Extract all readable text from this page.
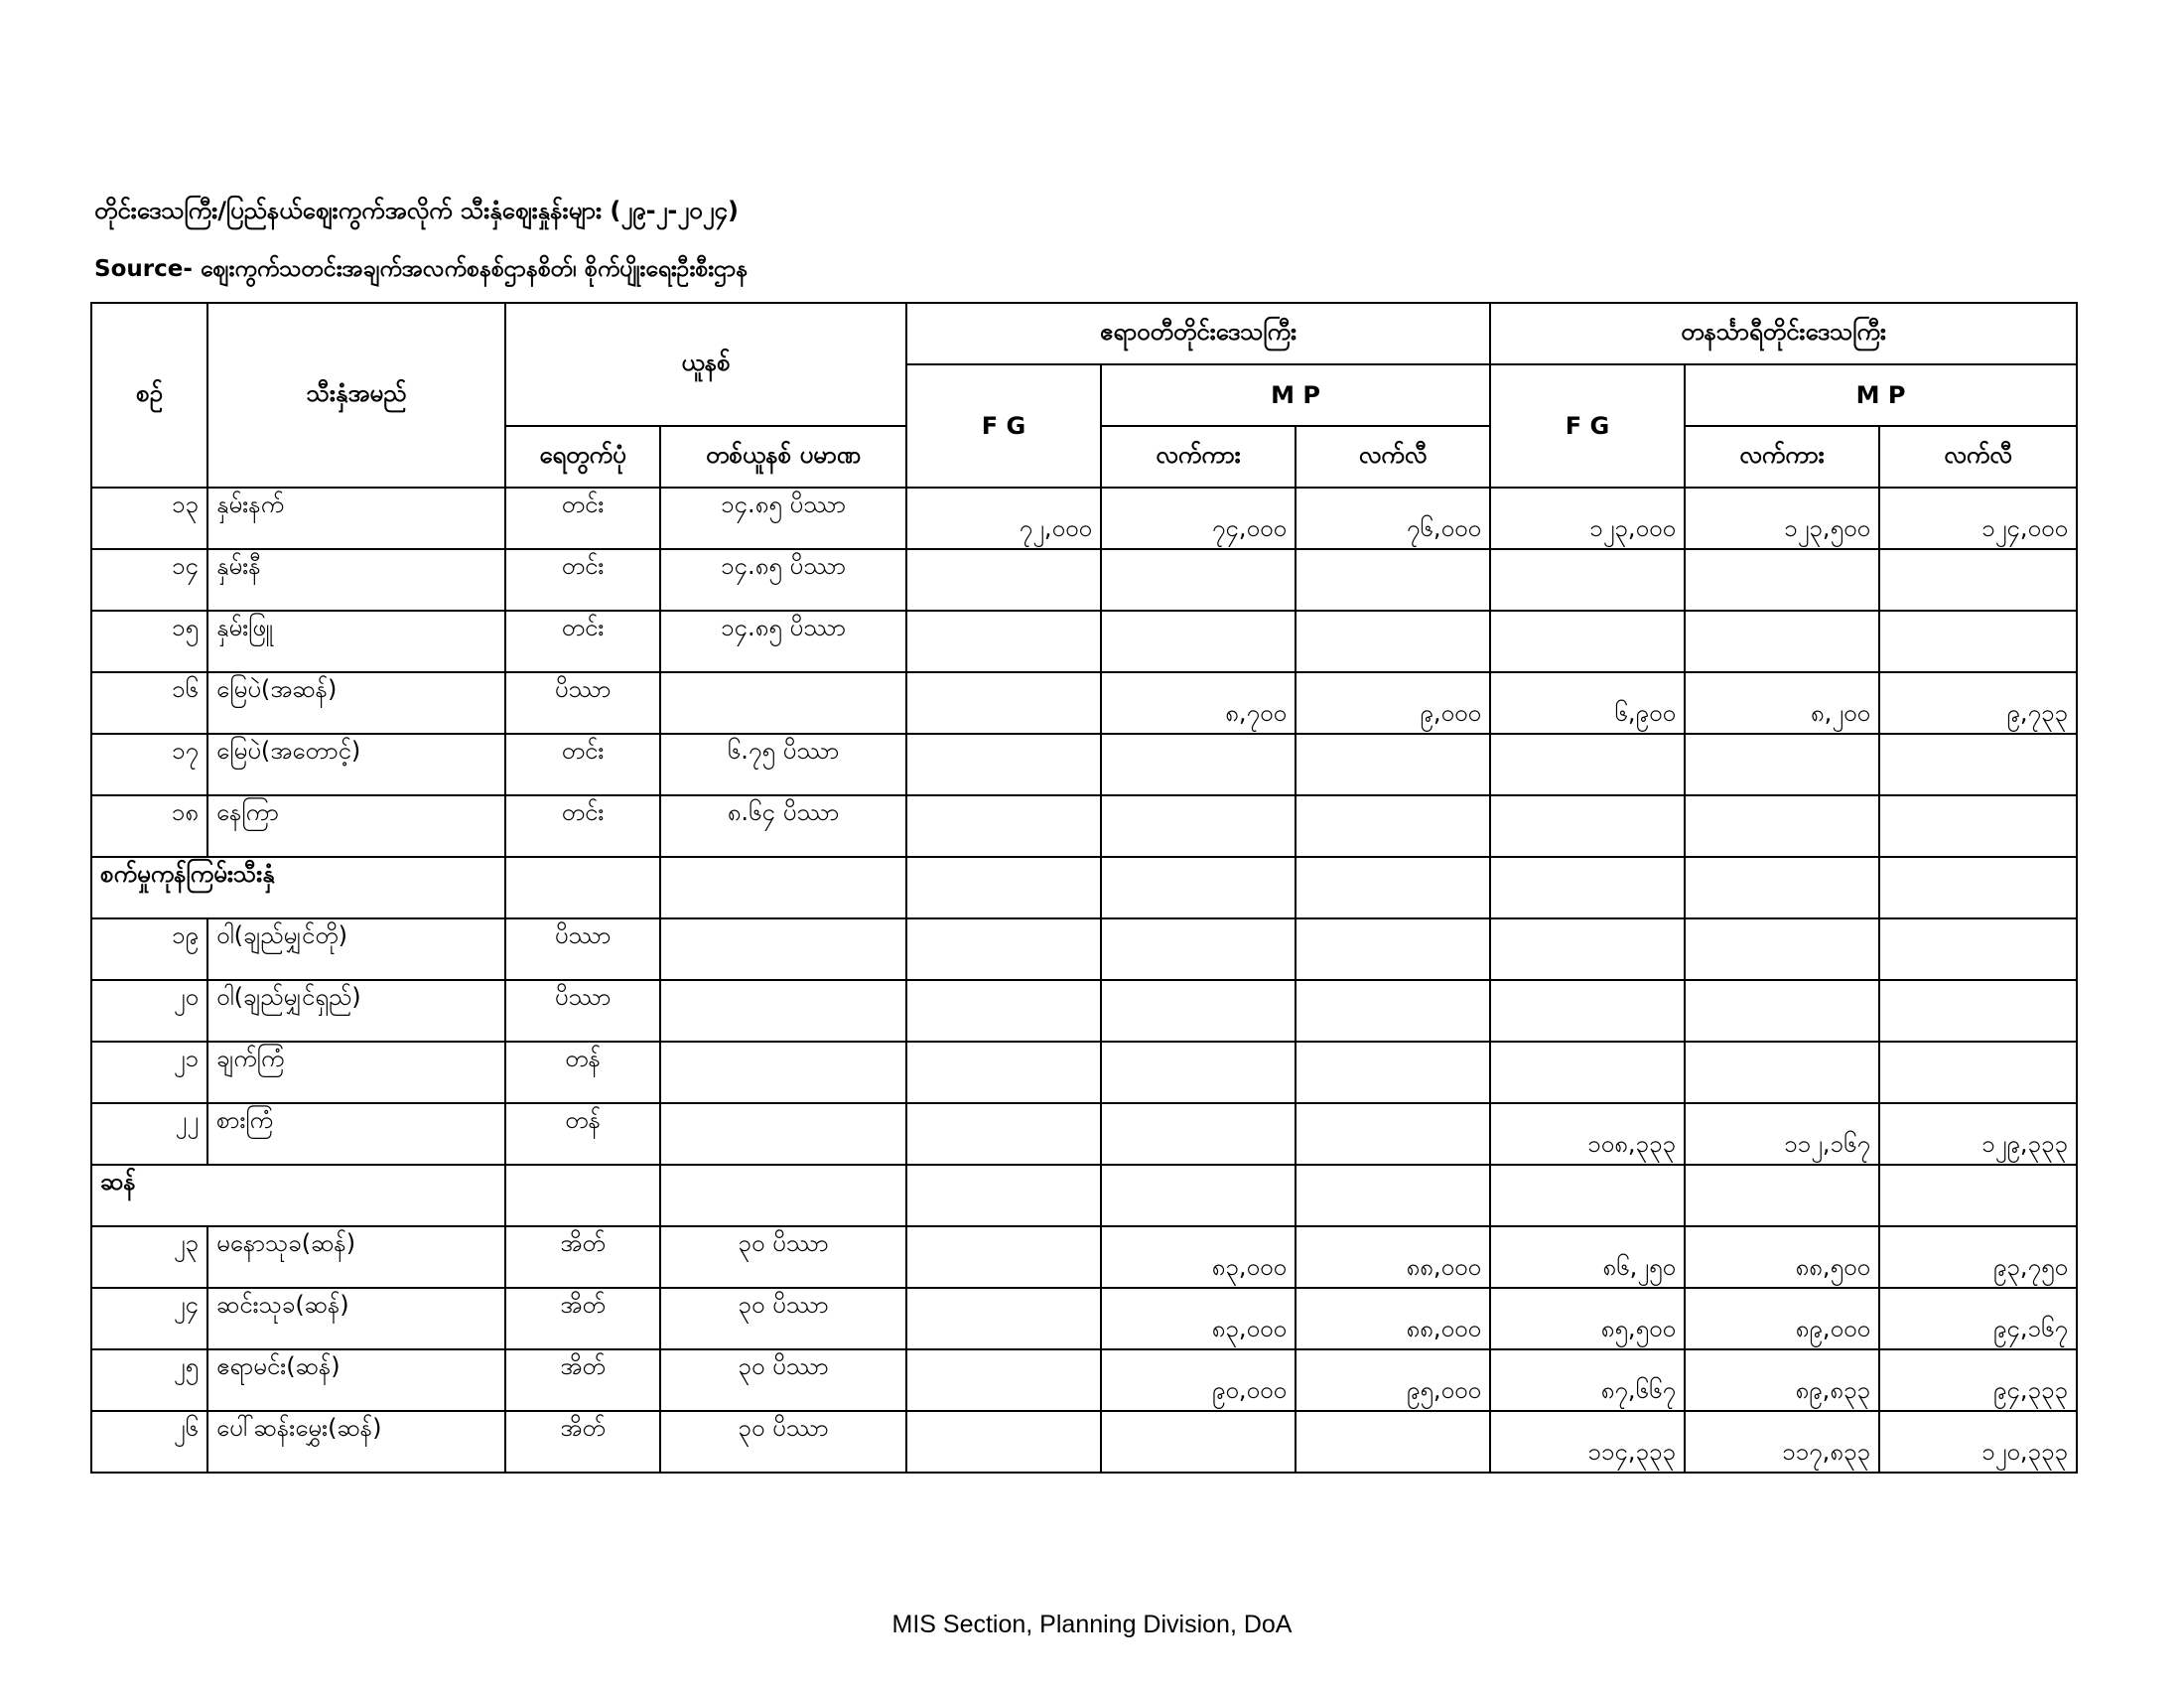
တိုင်းဒေသကြီး/ပြည်နယ်ဈေးကွက်အလိုက် သီးနှံဈေးနှုန်းများ (၂၉-၂-၂၀၂၄)
Source- ဈေးကွက်သတင်းအချက်အလက်စနစ်ဌာနစိတ်၊ စိုက်ပျိုးရေးဦးစီးဌာန
စဉ်	သီးနှံအမည်	ယူနစ်		ဧရာဝတီတိုင်းဒေသကြီး			တနင်္သာရီတိုင်းဒေသကြီး		
				F G	M P		F G	M P	
		ရေတွက်ပုံ	တစ်ယူနစ် ပမာဏ		လက်ကား	လက်လီ		လက်ကား	လက်လီ
၁၃	နှမ်းနက်	တင်း	၁၄.၈၅ ပိဿာ	၇၂,၀၀၀	၇၄,၀၀၀	၇၆,၀၀၀	၁၂၃,၀၀၀	၁၂၃,၅၀၀	၁၂၄,၀၀၀
၁၄	နှမ်းနီ	တင်း	၁၄.၈၅ ပိဿာ						
၁၅	နှမ်းဖြူ	တင်း	၁၄.၈၅ ပိဿာ						
၁၆	မြေပဲ(အဆန်)	ပိဿာ			၈,၇၀၀	၉,၀၀၀	၆,၉၀၀	၈,၂၀၀	၉,၇၃၃
၁၇	မြေပဲ(အတောင့်)	တင်း	၆.၇၅ ပိဿာ						
၁၈	နေကြာ	တင်း	၈.၆၄ ပိဿာ						
စက်မှုကုန်ကြမ်းသီးနှံ									
၁၉	ဝါ(ချည်မျှင်တို)	ပိဿာ							
၂၀	ဝါ(ချည်မျှင်ရှည်)	ပိဿာ							
၂၁	ချက်ကြံ	တန်							
၂၂	စားကြံ	တန်					၁၀၈,၃၃၃	၁၁၂,၁၆၇	၁၂၉,၃၃၃
ဆန်									
၂၃	မနောသုခ(ဆန်)	အိတ်	၃၀ ပိဿာ		၈၃,၀၀၀	၈၈,၀၀၀	၈၆,၂၅၀	၈၈,၅၀၀	၉၃,၇၅၀
၂၄	ဆင်းသုခ(ဆန်)	အိတ်	၃၀ ပိဿာ		၈၃,၀၀၀	၈၈,၀၀၀	၈၅,၅၀၀	၈၉,၀၀၀	၉၄,၁၆၇
၂၅	ဧရာမင်း(ဆန်)	အိတ်	၃၀ ပိဿာ		၉၀,၀၀၀	၉၅,၀၀၀	၈၇,၆၆၇	၈၉,၈၃၃	၉၄,၃၃၃
၂၆	ပေါ်ဆန်းမွှေး(ဆန်)	အိတ်	၃၀ ပိဿာ				၁၁၄,၃၃၃	၁၁၇,၈၃၃	၁၂၀,၃၃၃
MIS Section, Planning Division, DoA
